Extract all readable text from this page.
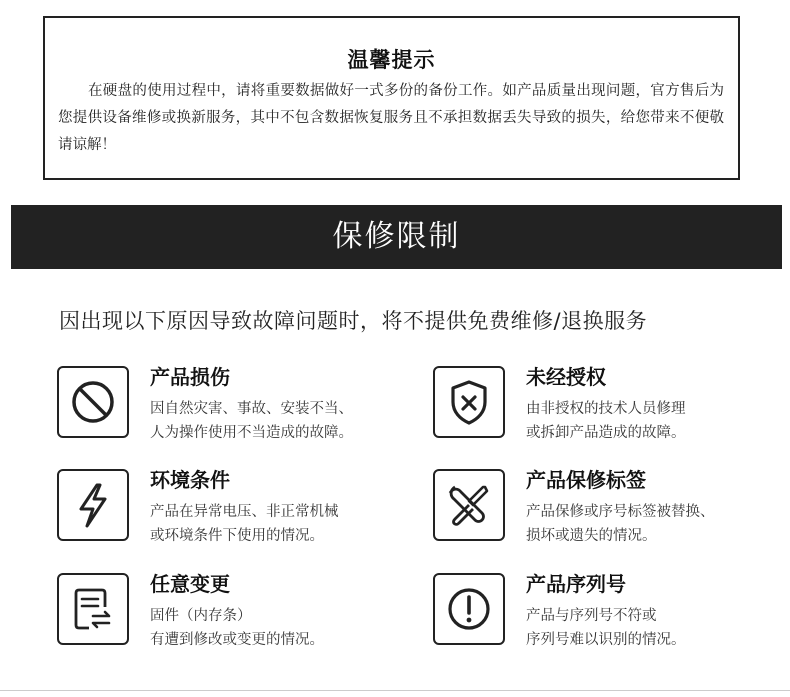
温馨提示
在硬盘的使用过程中，请将重要数据做好一式多份的备份工作。如产品质量出现问题，官方售后为您提供设备维修或换新服务，其中不包含数据恢复服务且不承担数据丢失导致的损失，给您带来不便敬请谅解！
保修限制
因出现以下原因导致故障问题时，将不提供免费维修/退换服务
产品损伤
因自然灾害、事故、安装不当、
人为操作使用不当造成的故障。
未经授权
由非授权的技术人员修理
或拆卸产品造成的故障。
环境条件
产品在异常电压、非正常机械
或环境条件下使用的情况。
产品保修标签
产品保修或序号标签被替换、
损坏或遗失的情况。
任意变更
固件（内存条）
有遭到修改或变更的情况。
产品序列号
产品与序列号不符或
序列号难以识别的情况。
